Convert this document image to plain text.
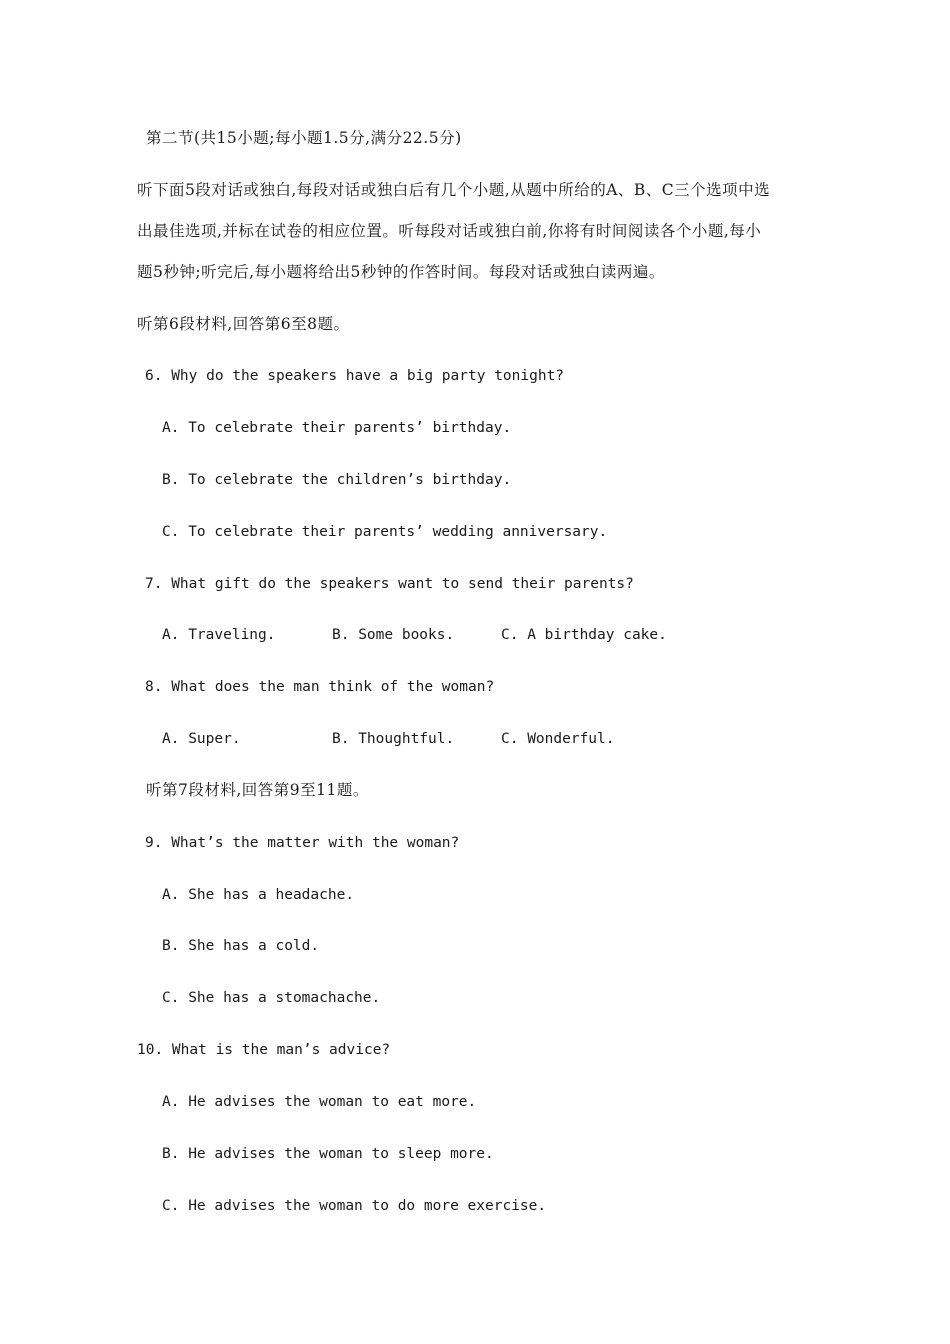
第二节(共15小题;每小题1.5分,满分22.5分)
听下面5段对话或独白,每段对话或独白后有几个小题,从题中所给的A、B、C三个选项中选
出最佳选项,并标在试卷的相应位置。听每段对话或独白前,你将有时间阅读各个小题,每小
题5秒钟;听完后,每小题将给出5秒钟的作答时间。每段对话或独白读两遍。
听第6段材料,回答第6至8题。
6. Why do the speakers have a big party tonight?
A. To celebrate their parents’ birthday.
B. To celebrate the children’s birthday.
C. To celebrate their parents’ wedding anniversary.
7. What gift do the speakers want to send their parents?
A. Traveling.	B. Some books.	C. A birthday cake.
8. What does the man think of the woman?
A. Super.	B. Thoughtful.	C. Wonderful.
听第7段材料,回答第9至11题。
9. What’s the matter with the woman?
A. She has a headache.
B. She has a cold.
C. She has a stomachache.
10. What is the man’s advice?
A. He advises the woman to eat more.
B. He advises the woman to sleep more.
C. He advises the woman to do more exercise.
